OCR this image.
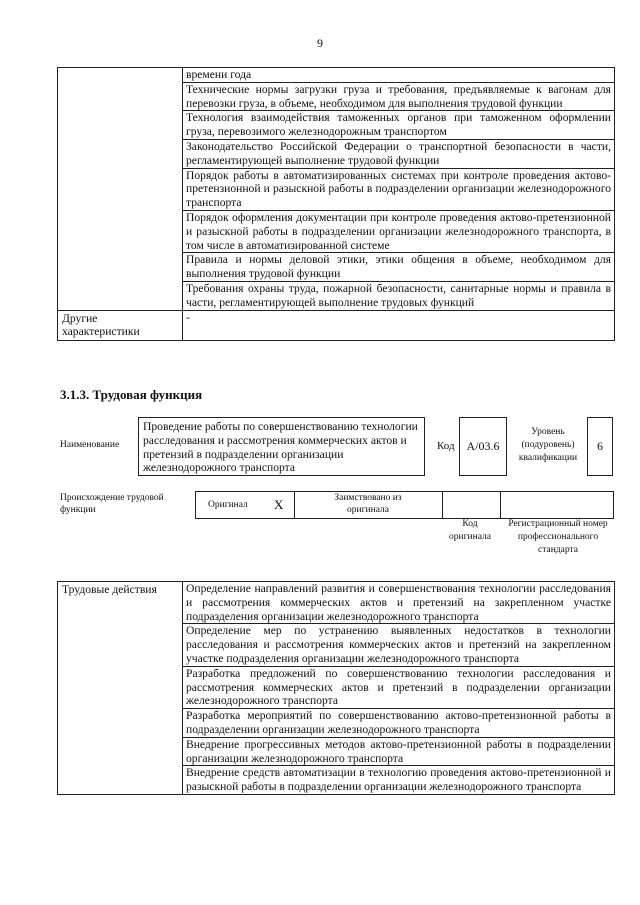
9
	времени года
	Технические нормы загрузки груза и требования, предъявляемые к вагонам для перевозки груза, в объеме, необходимом для выполнения трудовой функции
	Технология взаимодействия таможенных органов при таможенном оформлении груза, перевозимого железнодорожным транспортом
	Законодательство Российской Федерации о транспортной безопасности в части, регламентирующей выполнение трудовой функции
	Порядок работы в автоматизированных системах при контроле проведения актово-претензионной и разыскной работы в подразделении организации железнодорожного транспорта
	Порядок оформления документации при контроле проведения актово-претензионной и разыскной работы в подразделении организации железнодорожного транспорта, в том числе в автоматизированной системе
	Правила и нормы деловой этики, этики общения в объеме, необходимом для выполнения трудовой функции
	Требования охраны труда, пожарной безопасности, санитарные нормы и правила в части, регламентирующей выполнение трудовых функций
Другие характеристики	-
3.1.3. Трудовая функция
Наименование
Проведение работы по совершенствованию технологии расследования и рассмотрения коммерческих актов и претензий в подразделении организации железнодорожного транспорта
Код A/03.6
Уровень (подуровень) квалификации
6
Происхождение трудовой функции	Оригинал X	Заимствовано из оригинала
Код оригинала
Регистрационный номер профессионального стандарта
Трудовые действия	Определение направлений развития и совершенствования технологии расследования и рассмотрения коммерческих актов и претензий на закрепленном участке подразделения организации железнодорожного транспорта
Определение мер по устранению выявленных недостатков в технологии расследования и рассмотрения коммерческих актов и претензий на закрепленном участке подразделения организации железнодорожного транспорта
Разработка предложений по совершенствованию технологии расследования и рассмотрения коммерческих актов и претензий в подразделении организации железнодорожного транспорта
Разработка мероприятий по совершенствованию актово-претензионной работы в подразделении организации железнодорожного транспорта
Внедрение прогрессивных методов актово-претензионной работы в подразделении организации железнодорожного транспорта
Внедрение средств автоматизации в технологию проведения актово-претензионной и разыскной работы в подразделении организации железнодорожного транспорта
